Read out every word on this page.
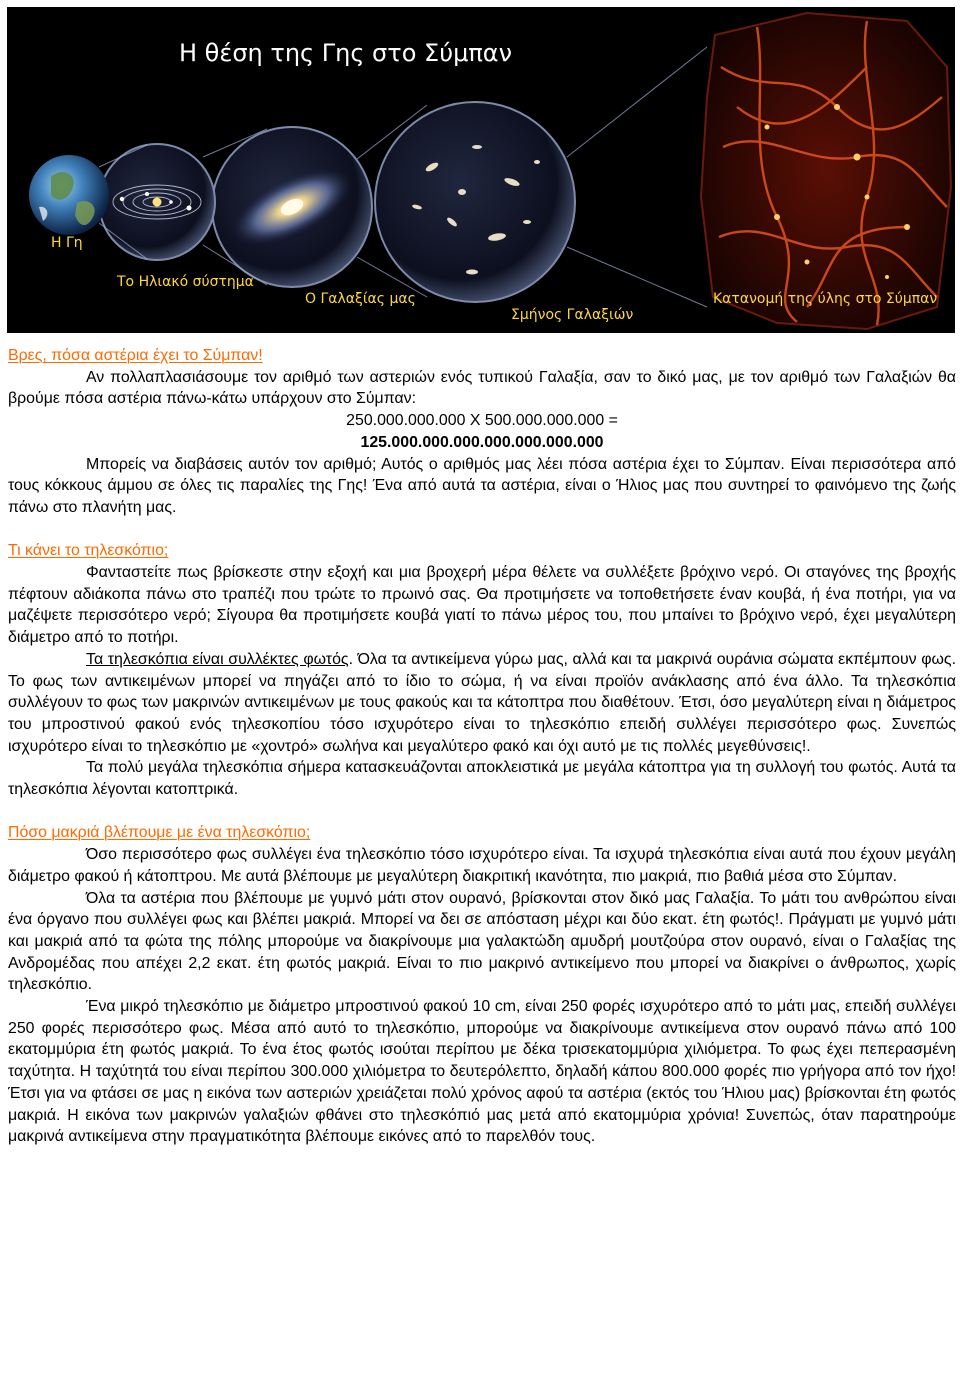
Η θέση της Γης στο Σύμπαν
Η Γη
Το Ηλιακό σύστημα
Ο Γαλαξίας μας
Σμήνος Γαλαξιών
Κατανομή της ύλης στο Σύμπαν

Βρες, πόσα αστέρια έχει το Σύμπαν!

Αν πολλαπλασιάσουμε τον αριθμό των αστεριών ενός τυπικού Γαλαξία, σαν το δικό μας, με τον αριθμό των Γαλαξιών θα βρούμε πόσα αστέρια πάνω-κάτω υπάρχουν στο Σύμπαν:

250.000.000.000 Χ 500.000.000.000 =

125.000.000.000.000.000.000.000

Μπορείς να διαβάσεις αυτόν τον αριθμό; Αυτός ο αριθμός μας λέει πόσα αστέρια έχει το Σύμπαν. Είναι περισσότερα από τους κόκκους άμμου σε όλες τις παραλίες της Γης! Ένα από αυτά τα αστέρια, είναι ο Ήλιος μας που συντηρεί το φαινόμενο της ζωής πάνω στο πλανήτη μας.

Τι κάνει το τηλεσκόπιο;

Φανταστείτε πως βρίσκεστε στην εξοχή και μια βροχερή μέρα θέλετε να συλλέξετε βρόχινο νερό. Οι σταγόνες της βροχής πέφτουν αδιάκοπα πάνω στο τραπέζι που τρώτε το πρωινό σας. Θα προτιμήσετε να τοποθετήσετε έναν κουβά, ή ένα ποτήρι, για να μαζέψετε περισσότερο νερό; Σίγουρα θα προτιμήσετε κουβά γιατί το πάνω μέρος του, που μπαίνει το βρόχινο νερό, έχει μεγαλύτερη διάμετρο από το ποτήρι.

Τα τηλεσκόπια είναι συλλέκτες φωτός. Όλα τα αντικείμενα γύρω μας, αλλά και τα μακρινά ουράνια σώματα εκπέμπουν φως. Το φως των αντικειμένων μπορεί να πηγάζει από το ίδιο το σώμα, ή να είναι προϊόν ανάκλασης από ένα άλλο. Τα τηλεσκόπια συλλέγουν το φως των μακρινών αντικειμένων με τους φακούς και τα κάτοπτρα που διαθέτουν. Έτσι, όσο μεγαλύτερη είναι η διάμετρος του μπροστινού φακού ενός τηλεσκοπίου τόσο ισχυρότερο είναι το τηλεσκόπιο επειδή συλλέγει περισσότερο φως. Συνεπώς ισχυρότερο είναι το τηλεσκόπιο με «χοντρό» σωλήνα και μεγαλύτερο φακό και όχι αυτό με τις πολλές μεγεθύνσεις!.

Τα πολύ μεγάλα τηλεσκόπια σήμερα κατασκευάζονται αποκλειστικά με μεγάλα κάτοπτρα για τη συλλογή του φωτός. Αυτά τα τηλεσκόπια λέγονται κατοπτρικά.

Πόσο μακριά βλέπουμε με ένα τηλεσκόπιο;

Όσο περισσότερο φως συλλέγει ένα τηλεσκόπιο τόσο ισχυρότερο είναι. Τα ισχυρά τηλεσκόπια είναι αυτά που έχουν μεγάλη διάμετρο φακού ή κάτοπτρου. Με αυτά βλέπουμε με μεγαλύτερη διακριτική ικανότητα, πιο μακριά, πιο βαθιά μέσα στο Σύμπαν.

Όλα τα αστέρια που βλέπουμε με γυμνό μάτι στον ουρανό, βρίσκονται στον δικό μας Γαλαξία. Το μάτι του ανθρώπου είναι ένα όργανο που συλλέγει φως και βλέπει μακριά. Μπορεί να δει σε απόσταση μέχρι και δύο εκατ. έτη φωτός!. Πράγματι με γυμνό μάτι και μακριά από τα φώτα της πόλης μπορούμε να διακρίνουμε μια γαλακτώδη αμυδρή μουτζούρα στον ουρανό, είναι ο Γαλαξίας της Ανδρομέδας που απέχει 2,2 εκατ. έτη φωτός μακριά. Είναι το πιο μακρινό αντικείμενο που μπορεί να διακρίνει ο άνθρωπος, χωρίς τηλεσκόπιο.

Ένα μικρό τηλεσκόπιο με διάμετρο μπροστινού φακού 10 cm, είναι 250 φορές ισχυρότερο από το μάτι μας, επειδή συλλέγει 250 φορές περισσότερο φως. Μέσα από αυτό το τηλεσκόπιο, μπορούμε να διακρίνουμε αντικείμενα στον ουρανό πάνω από 100 εκατομμύρια έτη φωτός μακριά. Το ένα έτος φωτός ισούται περίπου με δέκα τρισεκατομμύρια χιλιόμετρα. Το φως έχει πεπερασμένη ταχύτητα. Η ταχύτητά του είναι περίπου 300.000 χιλιόμετρα το δευτερόλεπτο, δηλαδή κάπου 800.000 φορές πιο γρήγορα από τον ήχο! Έτσι για να φτάσει σε μας η εικόνα των αστεριών χρειάζεται πολύ χρόνος αφού τα αστέρια (εκτός του Ήλιου μας) βρίσκονται έτη φωτός μακριά. Η εικόνα των μακρινών γαλαξιών φθάνει στο τηλεσκόπιό μας μετά από εκατομμύρια χρόνια! Συνεπώς, όταν παρατηρούμε μακρινά αντικείμενα στην πραγματικότητα βλέπουμε εικόνες από το παρελθόν τους.
